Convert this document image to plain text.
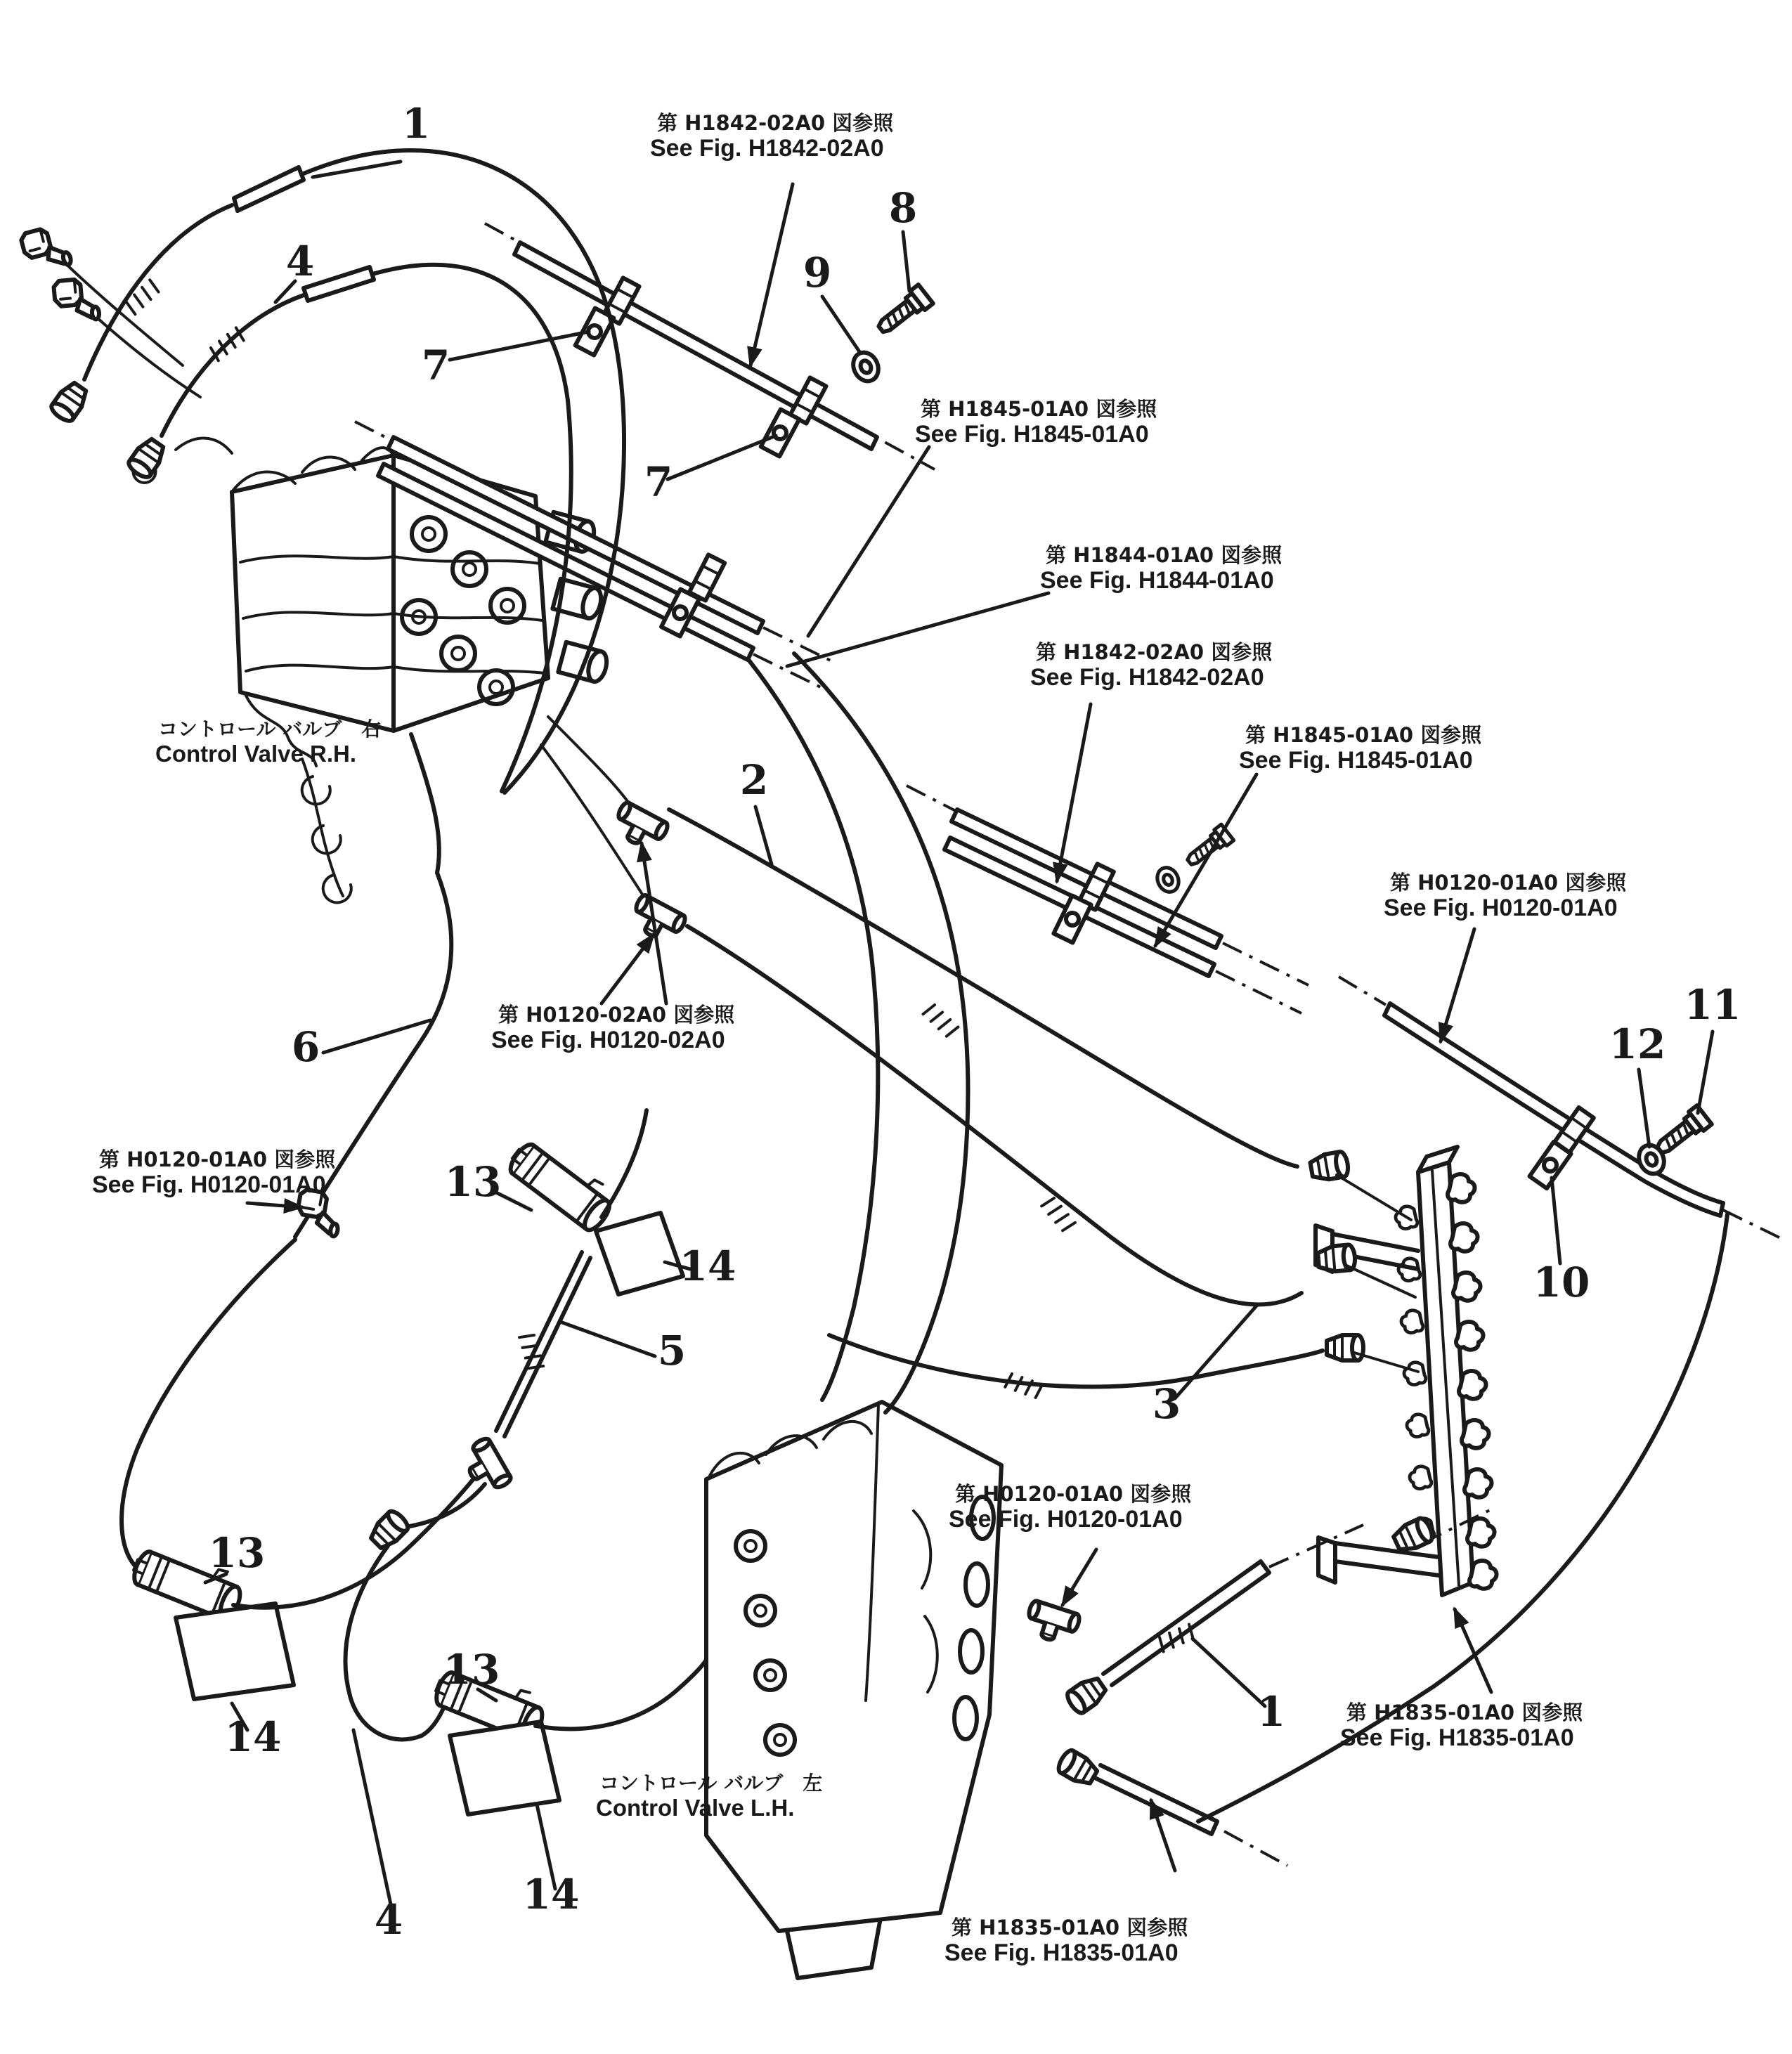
1
4
7
9
8
7
2
6
13
14
5
11
12
10
3
13
14
13
14
4
1
第 H1842-02A0 図参照
See Fig. H1842-02A0
第 H1845-01A0 図参照
See Fig. H1845-01A0
第 H1844-01A0 図参照
See Fig. H1844-01A0
第 H1842-02A0 図参照
See Fig. H1842-02A0
第 H1845-01A0 図参照
See Fig. H1845-01A0
第 H0120-01A0 図参照
See Fig. H0120-01A0
第 H0120-02A0 図参照
See Fig. H0120-02A0
第 H0120-01A0 図参照
See Fig. H0120-01A0
第 H0120-01A0 図参照
See Fig. H0120-01A0
第 H1835-01A0 図参照
See Fig. H1835-01A0
第 H1835-01A0 図参照
See Fig. H1835-01A0
コントロール バルブ　右
Control Valve R.H.
コントロール バルブ　左
Control Valve L.H.
